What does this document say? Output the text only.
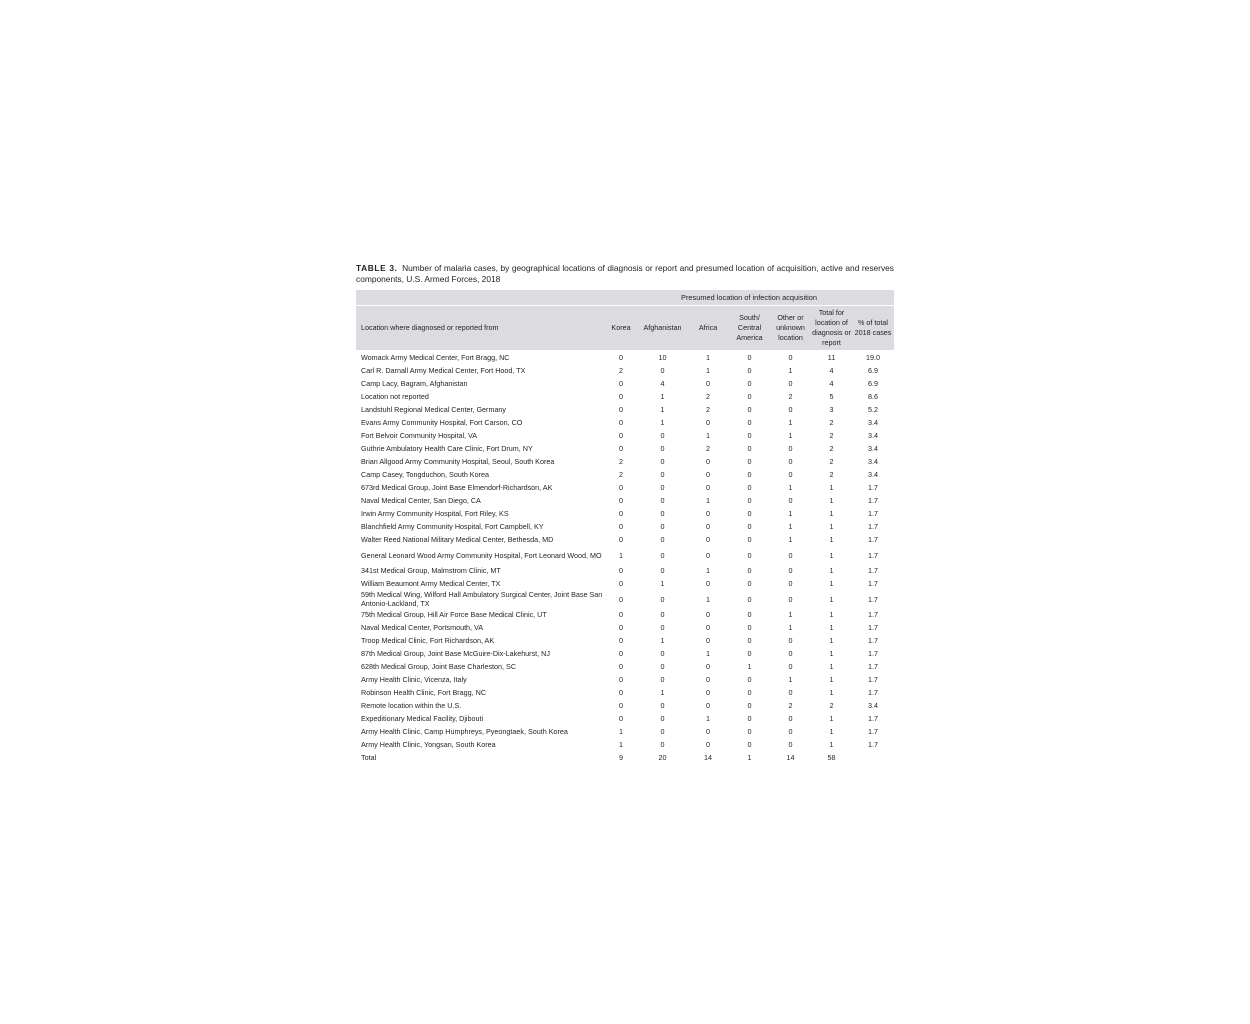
TABLE 3. Number of malaria cases, by geographical locations of diagnosis or report and presumed location of acquisition, active and reserves components, U.S. Armed Forces, 2018

	Presumed location of infection acquisition						
Location where diagnosed or reported from	Korea	Afghanistan	Africa	South/ Central America	Other or unknown location	Total for location of diagnosis or report	% of total 2018 cases
Womack Army Medical Center, Fort Bragg, NC	0	10	1	0	0	11	19.0
Carl R. Darnall Army Medical Center, Fort Hood, TX	2	0	1	0	1	4	6.9
Camp Lacy, Bagram, Afghanistan	0	4	0	0	0	4	6.9
Location not reported	0	1	2	0	2	5	8.6
Landstuhl Regional Medical Center, Germany	0	1	2	0	0	3	5.2
Evans Army Community Hospital, Fort Carson, CO	0	1	0	0	1	2	3.4
Fort Belvoir Community Hospital, VA	0	0	1	0	1	2	3.4
Guthrie Ambulatory Health Care Clinic, Fort Drum, NY	0	0	2	0	0	2	3.4
Brian Allgood Army Community Hospital, Seoul, South Korea	2	0	0	0	0	2	3.4
Camp Casey, Tongduchon, South Korea	2	0	0	0	0	2	3.4
673rd Medical Group, Joint Base Elmendorf-Richardson, AK	0	0	0	0	1	1	1.7
Naval Medical Center, San Diego, CA	0	0	1	0	0	1	1.7
Irwin Army Community Hospital, Fort Riley, KS	0	0	0	0	1	1	1.7
Blanchfield Army Community Hospital, Fort Campbell, KY	0	0	0	0	1	1	1.7
Walter Reed National Military Medical Center, Bethesda, MD	0	0	0	0	1	1	1.7
General Leonard Wood Army Community Hospital, Fort Leonard Wood, MO	1	0	0	0	0	1	1.7
341st Medical Group, Malmstrom Clinic, MT	0	0	1	0	0	1	1.7
William Beaumont Army Medical Center, TX	0	1	0	0	0	1	1.7
59th Medical Wing, Wilford Hall Ambulatory Surgical Center, Joint Base San Antonio-Lackland, TX	0	0	1	0	0	1	1.7
75th Medical Group, Hill Air Force Base Medical Clinic, UT	0	0	0	0	1	1	1.7
Naval Medical Center, Portsmouth, VA	0	0	0	0	1	1	1.7
Troop Medical Clinic, Fort Richardson, AK	0	1	0	0	0	1	1.7
87th Medical Group, Joint Base McGuire-Dix-Lakehurst, NJ	0	0	1	0	0	1	1.7
628th Medical Group, Joint Base Charleston, SC	0	0	0	1	0	1	1.7
Army Health Clinic, Vicenza, Italy	0	0	0	0	1	1	1.7
Robinson Health Clinic, Fort Bragg, NC	0	1	0	0	0	1	1.7
Remote location within the U.S.	0	0	0	0	2	2	3.4
Expeditionary Medical Facility, Djibouti	0	0	1	0	0	1	1.7
Army Health Clinic, Camp Humphreys, Pyeongtaek, South Korea	1	0	0	0	0	1	1.7
Army Health Clinic, Yongsan, South Korea	1	0	0	0	0	1	1.7
Total	9	20	14	1	14	58	
